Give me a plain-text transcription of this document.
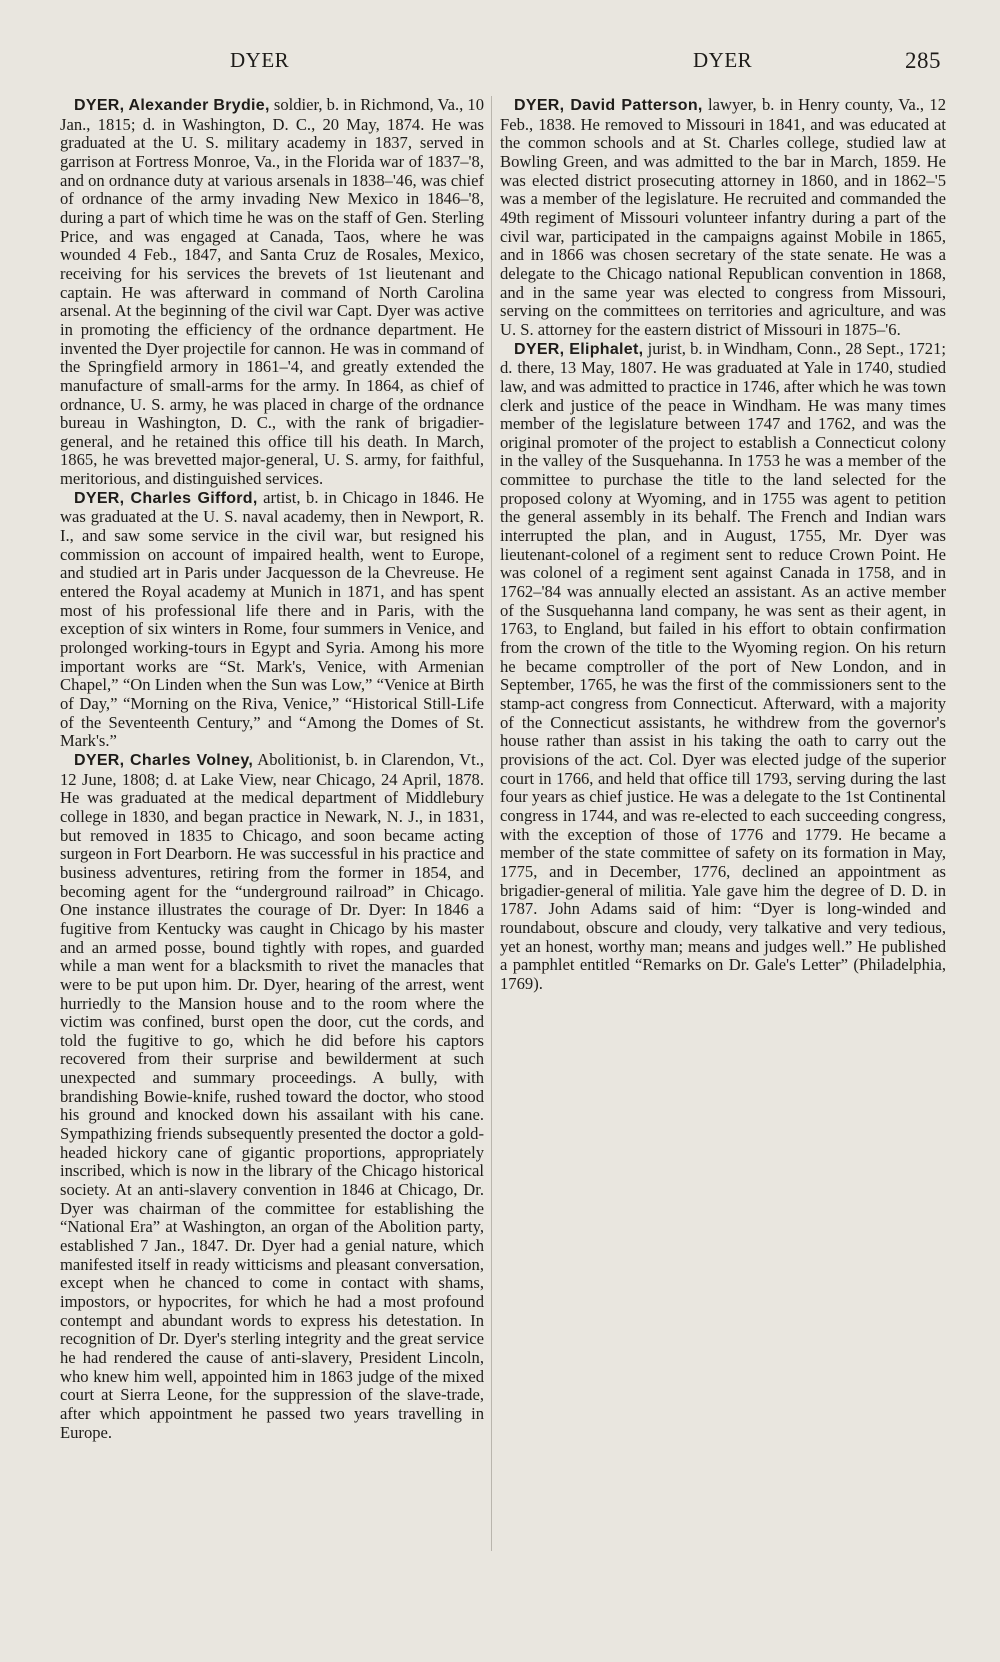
DYER	DYER	285

DYER, Alexander Brydie, soldier, b. in Richmond, Va., 10 Jan., 1815; d. in Washington, D. C., 20 May, 1874. He was graduated at the U. S. military academy in 1837, served in garrison at Fortress Monroe, Va., in the Florida war of 1837–'8, and on ordnance duty at various arsenals in 1838–'46, was chief of ordnance of the army invading New Mexico in 1846–'8, during a part of which time he was on the staff of Gen. Sterling Price, and was engaged at Canada, Taos, where he was wounded 4 Feb., 1847, and Santa Cruz de Rosales, Mexico, receiving for his services the brevets of 1st lieutenant and captain. He was afterward in command of North Carolina arsenal. At the beginning of the civil war Capt. Dyer was active in promoting the efficiency of the ordnance department. He invented the Dyer projectile for cannon. He was in command of the Springfield armory in 1861–'4, and greatly extended the manufacture of small-arms for the army. In 1864, as chief of ordnance, U. S. army, he was placed in charge of the ordnance bureau in Washington, D. C., with the rank of brigadier-general, and he retained this office till his death. In March, 1865, he was brevetted major-general, U. S. army, for faithful, meritorious, and distinguished services.

DYER, Charles Gifford, artist, b. in Chicago in 1846. He was graduated at the U. S. naval academy, then in Newport, R. I., and saw some service in the civil war, but resigned his commission on account of impaired health, went to Europe, and studied art in Paris under Jacquesson de la Chevreuse. He entered the Royal academy at Munich in 1871, and has spent most of his professional life there and in Paris, with the exception of six winters in Rome, four summers in Venice, and prolonged working-tours in Egypt and Syria. Among his more important works are “St. Mark's, Venice, with Armenian Chapel,” “On Linden when the Sun was Low,” “Venice at Birth of Day,” “Morning on the Riva, Venice,” “Historical Still-Life of the Seventeenth Century,” and “Among the Domes of St. Mark's.”

DYER, Charles Volney, Abolitionist, b. in Clarendon, Vt., 12 June, 1808; d. at Lake View, near Chicago, 24 April, 1878. He was graduated at the medical department of Middlebury college in 1830, and began practice in Newark, N. J., in 1831, but removed in 1835 to Chicago, and soon became acting surgeon in Fort Dearborn. He was successful in his practice and business adventures, retiring from the former in 1854, and becoming agent for the “underground railroad” in Chicago. One instance illustrates the courage of Dr. Dyer: In 1846 a fugitive from Kentucky was caught in Chicago by his master and an armed posse, bound tightly with ropes, and guarded while a man went for a blacksmith to rivet the manacles that were to be put upon him. Dr. Dyer, hearing of the arrest, went hurriedly to the Mansion house and to the room where the victim was confined, burst open the door, cut the cords, and told the fugitive to go, which he did before his captors recovered from their surprise and bewilderment at such unexpected and summary proceedings. A bully, with brandishing Bowie-knife, rushed toward the doctor, who stood his ground and knocked down his assailant with his cane. Sympathizing friends subsequently presented the doctor a gold-headed hickory cane of gigantic proportions, appropriately inscribed, which is now in the library of the Chicago historical society. At an anti-slavery convention in 1846 at Chicago, Dr. Dyer was chairman of the committee for establishing the “National Era” at Washington, an organ of the Abolition party, established 7 Jan., 1847. Dr. Dyer had a genial nature, which manifested itself in ready witticisms and pleasant conversation, except when he chanced to come in contact with shams, impostors, or hypocrites, for which he had a most profound contempt and abundant words to express his detestation. In recognition of Dr. Dyer's sterling integrity and the great service he had rendered the cause of anti-slavery, President Lincoln, who knew him well, appointed him in 1863 judge of the mixed court at Sierra Leone, for the suppression of the slave-trade, after which appointment he passed two years travelling in Europe.

DYER, David Patterson, lawyer, b. in Henry county, Va., 12 Feb., 1838. He removed to Missouri in 1841, and was educated at the common schools and at St. Charles college, studied law at Bowling Green, and was admitted to the bar in March, 1859. He was elected district prosecuting attorney in 1860, and in 1862–'5 was a member of the legislature. He recruited and commanded the 49th regiment of Missouri volunteer infantry during a part of the civil war, participated in the campaigns against Mobile in 1865, and in 1866 was chosen secretary of the state senate. He was a delegate to the Chicago national Republican convention in 1868, and in the same year was elected to congress from Missouri, serving on the committees on territories and agriculture, and was U. S. attorney for the eastern district of Missouri in 1875–'6.

DYER, Eliphalet, jurist, b. in Windham, Conn., 28 Sept., 1721; d. there, 13 May, 1807. He was graduated at Yale in 1740, studied law, and was admitted to practice in 1746, after which he was town clerk and justice of the peace in Windham. He was many times member of the legislature between 1747 and 1762, and was the original promoter of the project to establish a Connecticut colony in the valley of the Susquehanna. In 1753 he was a member of the committee to purchase the title to the land selected for the proposed colony at Wyoming, and in 1755 was agent to petition the general assembly in its behalf. The French and Indian wars interrupted the plan, and in August, 1755, Mr. Dyer was lieutenant-colonel of a regiment sent to reduce Crown Point. He was colonel of a regiment sent against Canada in 1758, and in 1762–'84 was annually elected an assistant. As an active member of the Susquehanna land company, he was sent as their agent, in 1763, to England, but failed in his effort to obtain confirmation from the crown of the title to the Wyoming region. On his return he became comptroller of the port of New London, and in September, 1765, he was the first of the commissioners sent to the stamp-act congress from Connecticut. Afterward, with a majority of the Connecticut assistants, he withdrew from the governor's house rather than assist in his taking the oath to carry out the provisions of the act. Col. Dyer was elected judge of the superior court in 1766, and held that office till 1793, serving during the last four years as chief justice. He was a delegate to the 1st Continental congress in 1744, and was re-elected to each succeeding congress, with the exception of those of 1776 and 1779. He became a member of the state committee of safety on its formation in May, 1775, and in December, 1776, declined an appointment as brigadier-general of militia. Yale gave him the degree of D. D. in 1787. John Adams said of him: “Dyer is long-winded and roundabout, obscure and cloudy, very talkative and very tedious, yet an honest, worthy man; means and judges well.” He published a pamphlet entitled “Remarks on Dr. Gale's Letter” (Philadelphia, 1769).
